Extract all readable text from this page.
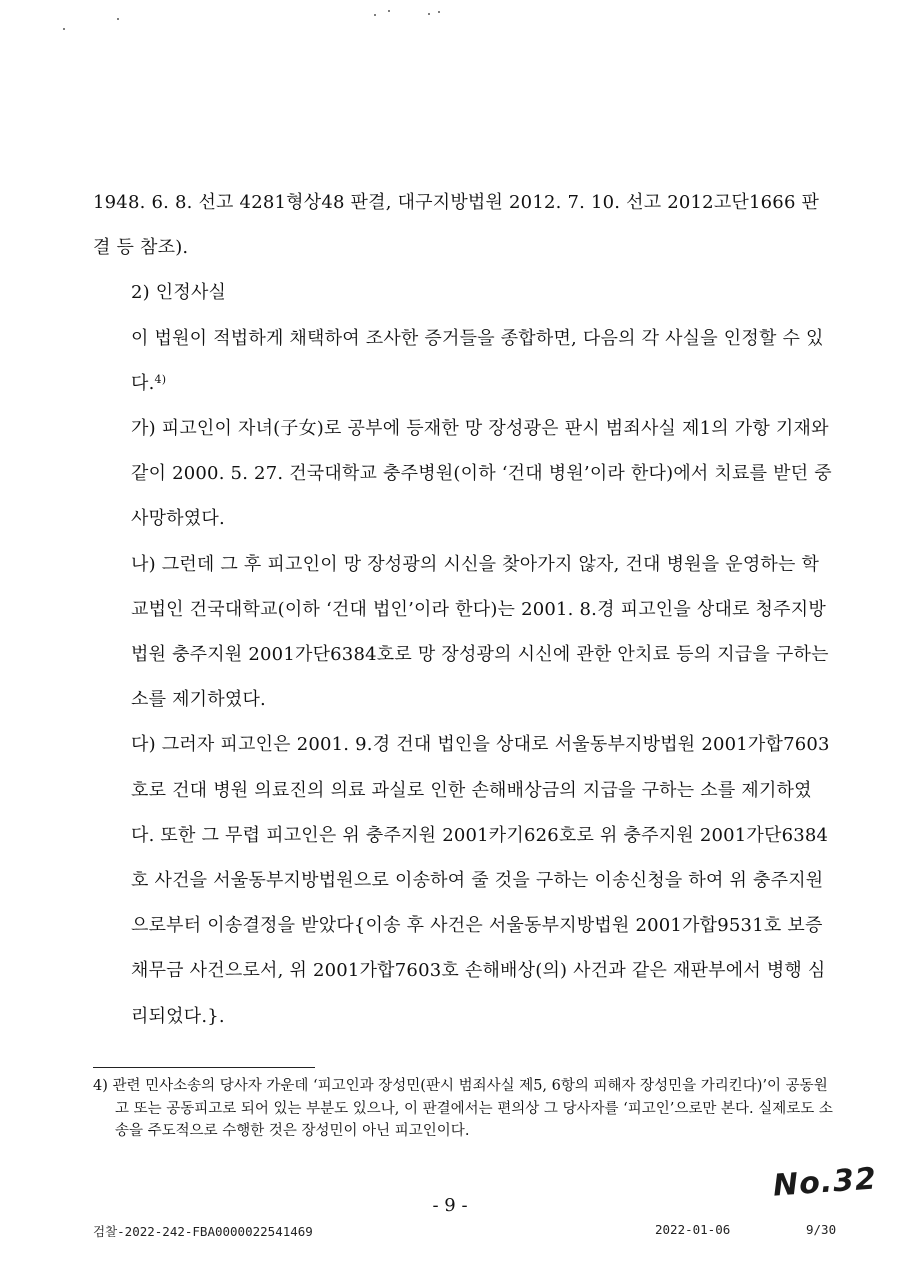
1948. 6. 8. 선고 4281형상48 판결, 대구지방법원 2012. 7. 10. 선고 2012고단1666 판결 등 참조).

2) 인정사실

이 법원이 적법하게 채택하여 조사한 증거들을 종합하면, 다음의 각 사실을 인정할 수 있다.$^{4)}$

가) 피고인이 자녀(子女)로 공부에 등재한 망 장성광은 판시 범죄사실 제1의 가항 기재와 같이 2000. 5. 27. 건국대학교 충주병원(이하 ‘건대 병원’이라 한다)에서 치료를 받던 중 사망하였다.

나) 그런데 그 후 피고인이 망 장성광의 시신을 찾아가지 않자, 건대 병원을 운영하는 학교법인 건국대학교(이하 ‘건대 법인’이라 한다)는 2001. 8.경 피고인을 상대로 청주지방법원 충주지원 2001가단6384호로 망 장성광의 시신에 관한 안치료 등의 지급을 구하는 소를 제기하였다.

다) 그러자 피고인은 2001. 9.경 건대 법인을 상대로 서울동부지방법원 2001가합7603호로 건대 병원 의료진의 의료 과실로 인한 손해배상금의 지급을 구하는 소를 제기하였다. 또한 그 무렵 피고인은 위 충주지원 2001카기626호로 위 충주지원 2001가단6384호 사건을 서울동부지방법원으로 이송하여 줄 것을 구하는 이송신청을 하여 위 충주지원으로부터 이송결정을 받았다{이송 후 사건은 서울동부지방법원 2001가합9531호 보증채무금 사건으로서, 위 2001가합7603호 손해배상(의) 사건과 같은 재판부에서 병행 심리되었다.}.

4) 관련 민사소송의 당사자 가운데 ‘피고인과 장성민(판시 범죄사실 제5, 6항의 피해자 장성민을 가리킨다)’이 공동원고 또는 공동피고로 되어 있는 부분도 있으나, 이 판결에서는 편의상 그 당사자를 ‘피고인’으로만 본다. 실제로도 소송을 주도적으로 수행한 것은 장성민이 아닌 피고인이다.

- 9 -
No.32
검찰-2022-242-FBA0000022541469	2022-01-06	9/30
